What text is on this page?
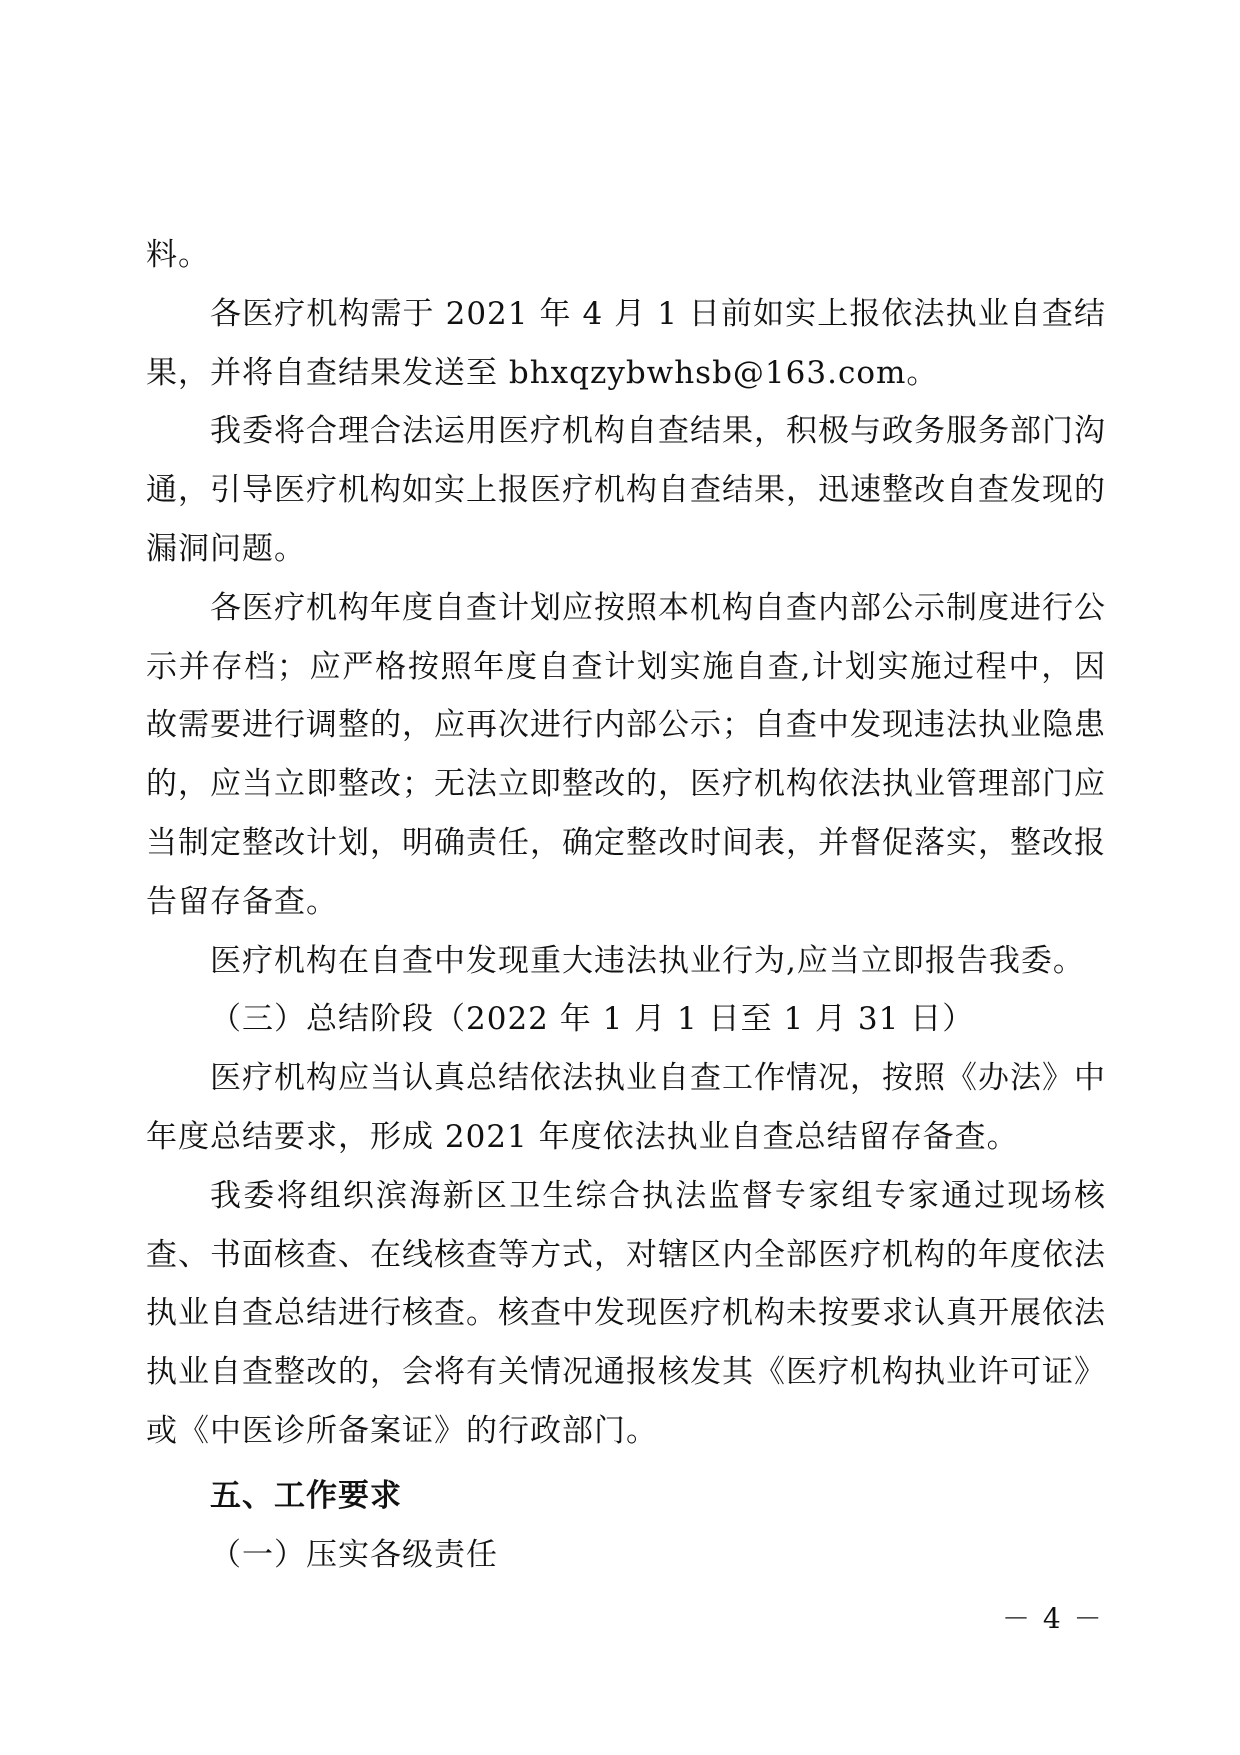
料。

各医疗机构需于 2021 年 4 月 1 日前如实上报依法执业自查结果，并将自查结果发送至 bhxqzybwhsb@163.com。

我委将合理合法运用医疗机构自查结果，积极与政务服务部门沟通，引导医疗机构如实上报医疗机构自查结果，迅速整改自查发现的漏洞问题。

各医疗机构年度自查计划应按照本机构自查内部公示制度进行公示并存档；应严格按照年度自查计划实施自查,计划实施过程中，因故需要进行调整的，应再次进行内部公示；自查中发现违法执业隐患的，应当立即整改；无法立即整改的，医疗机构依法执业管理部门应当制定整改计划，明确责任，确定整改时间表，并督促落实，整改报告留存备查。

医疗机构在自查中发现重大违法执业行为,应当立即报告我委。

（三）总结阶段（2022 年 1 月 1 日至 1 月 31 日）

医疗机构应当认真总结依法执业自查工作情况，按照《办法》中年度总结要求，形成 2021 年度依法执业自查总结留存备查。

我委将组织滨海新区卫生综合执法监督专家组专家通过现场核查、书面核查、在线核查等方式，对辖区内全部医疗机构的年度依法执业自查总结进行核查。核查中发现医疗机构未按要求认真开展依法执业自查整改的，会将有关情况通报核发其《医疗机构执业许可证》或《中医诊所备案证》的行政部门。

五、工作要求

（一）压实各级责任

－ 4 －
